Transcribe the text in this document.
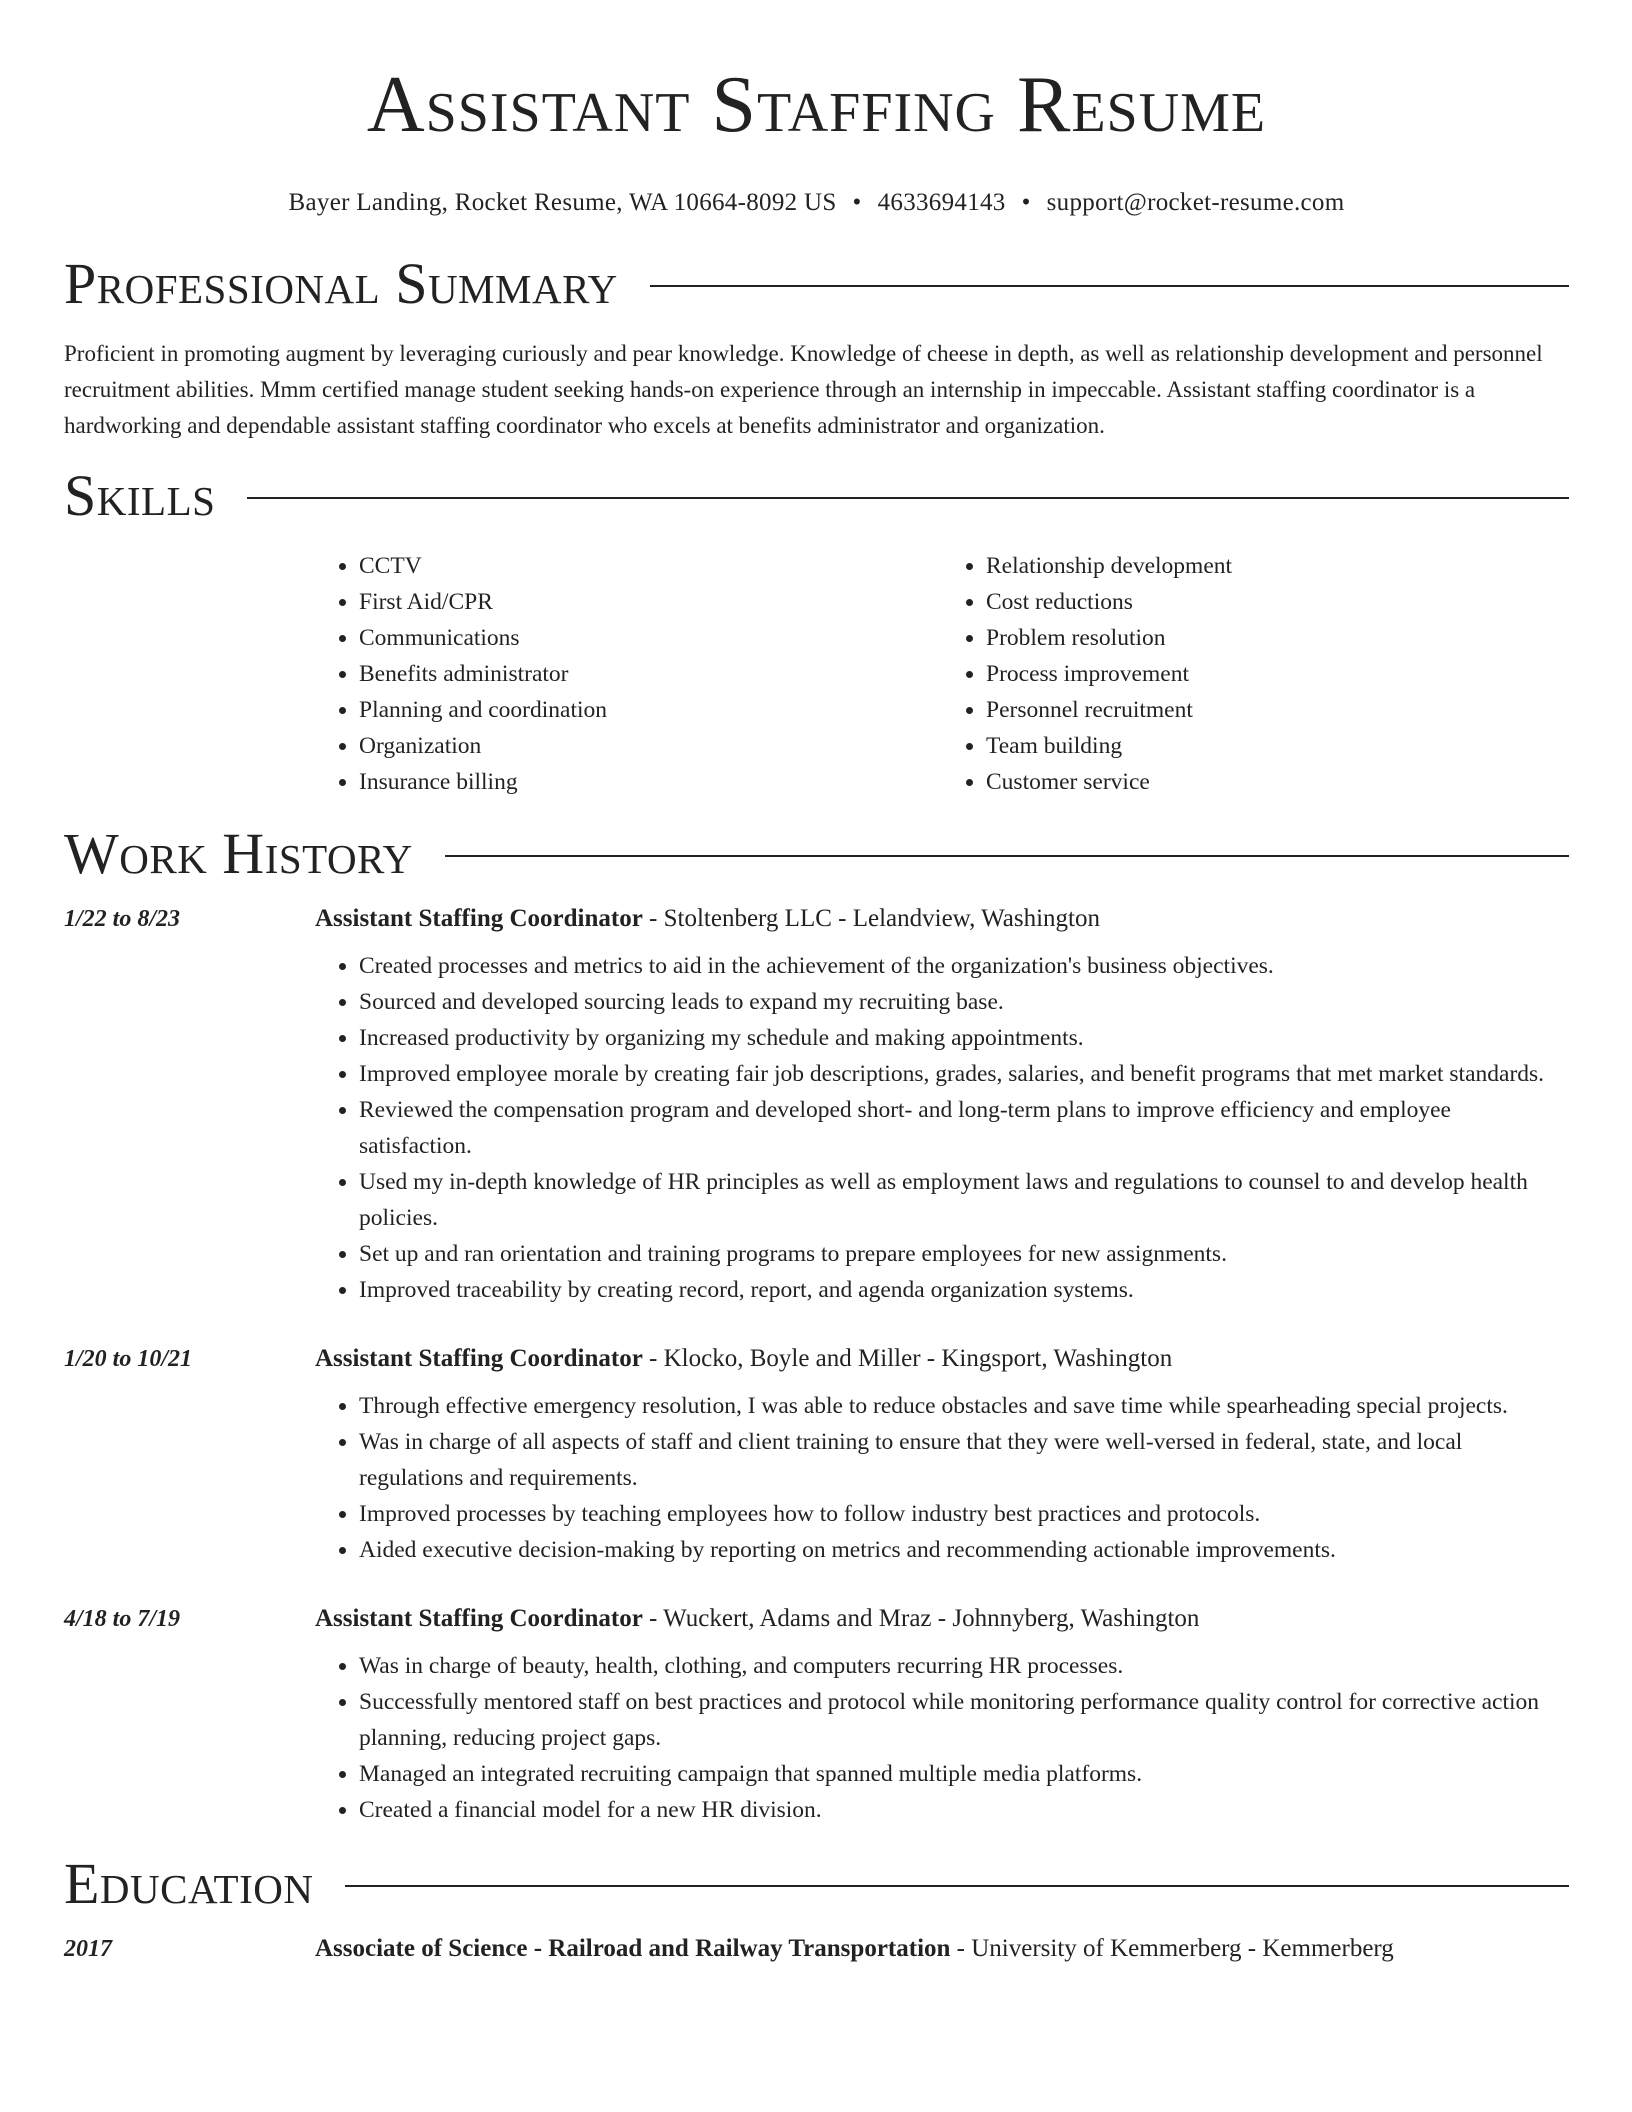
Assistant Staffing Resume
Bayer Landing, Rocket Resume, WA 10664-8092 US • 4633694143 • support@rocket-resume.com
Professional Summary

Proficient in promoting augment by leveraging curiously and pear knowledge. Knowledge of cheese in depth, as well as relationship development and personnel recruitment abilities. Mmm certified manage student seeking hands-on experience through an internship in impeccable. Assistant staffing coordinator is a hardworking and dependable assistant staffing coordinator who excels at benefits administrator and organization.

Skills
• CCTV
• First Aid/CPR
• Communications
• Benefits administrator
• Planning and coordination
• Organization
• Insurance billing
• Relationship development
• Cost reductions
• Problem resolution
• Process improvement
• Personnel recruitment
• Team building
• Customer service
Work History
1/22 to 8/23	Assistant Staffing Coordinator - Stoltenberg LLC - Lelandview, Washington
• Created processes and metrics to aid in the achievement of the organization's business objectives.
• Sourced and developed sourcing leads to expand my recruiting base.
• Increased productivity by organizing my schedule and making appointments.
• Improved employee morale by creating fair job descriptions, grades, salaries, and benefit programs that met market standards.
• Reviewed the compensation program and developed short- and long-term plans to improve efficiency and employee satisfaction.
• Used my in-depth knowledge of HR principles as well as employment laws and regulations to counsel to and develop health policies.
• Set up and ran orientation and training programs to prepare employees for new assignments.
• Improved traceability by creating record, report, and agenda organization systems.
1/20 to 10/21	Assistant Staffing Coordinator - Klocko, Boyle and Miller - Kingsport, Washington
• Through effective emergency resolution, I was able to reduce obstacles and save time while spearheading special projects.
• Was in charge of all aspects of staff and client training to ensure that they were well-versed in federal, state, and local regulations and requirements.
• Improved processes by teaching employees how to follow industry best practices and protocols.
• Aided executive decision-making by reporting on metrics and recommending actionable improvements.
4/18 to 7/19	Assistant Staffing Coordinator - Wuckert, Adams and Mraz - Johnnyberg, Washington
• Was in charge of beauty, health, clothing, and computers recurring HR processes.
• Successfully mentored staff on best practices and protocol while monitoring performance quality control for corrective action planning, reducing project gaps.
• Managed an integrated recruiting campaign that spanned multiple media platforms.
• Created a financial model for a new HR division.
Education
2017	Associate of Science - Railroad and Railway Transportation - University of Kemmerberg - Kemmerberg
